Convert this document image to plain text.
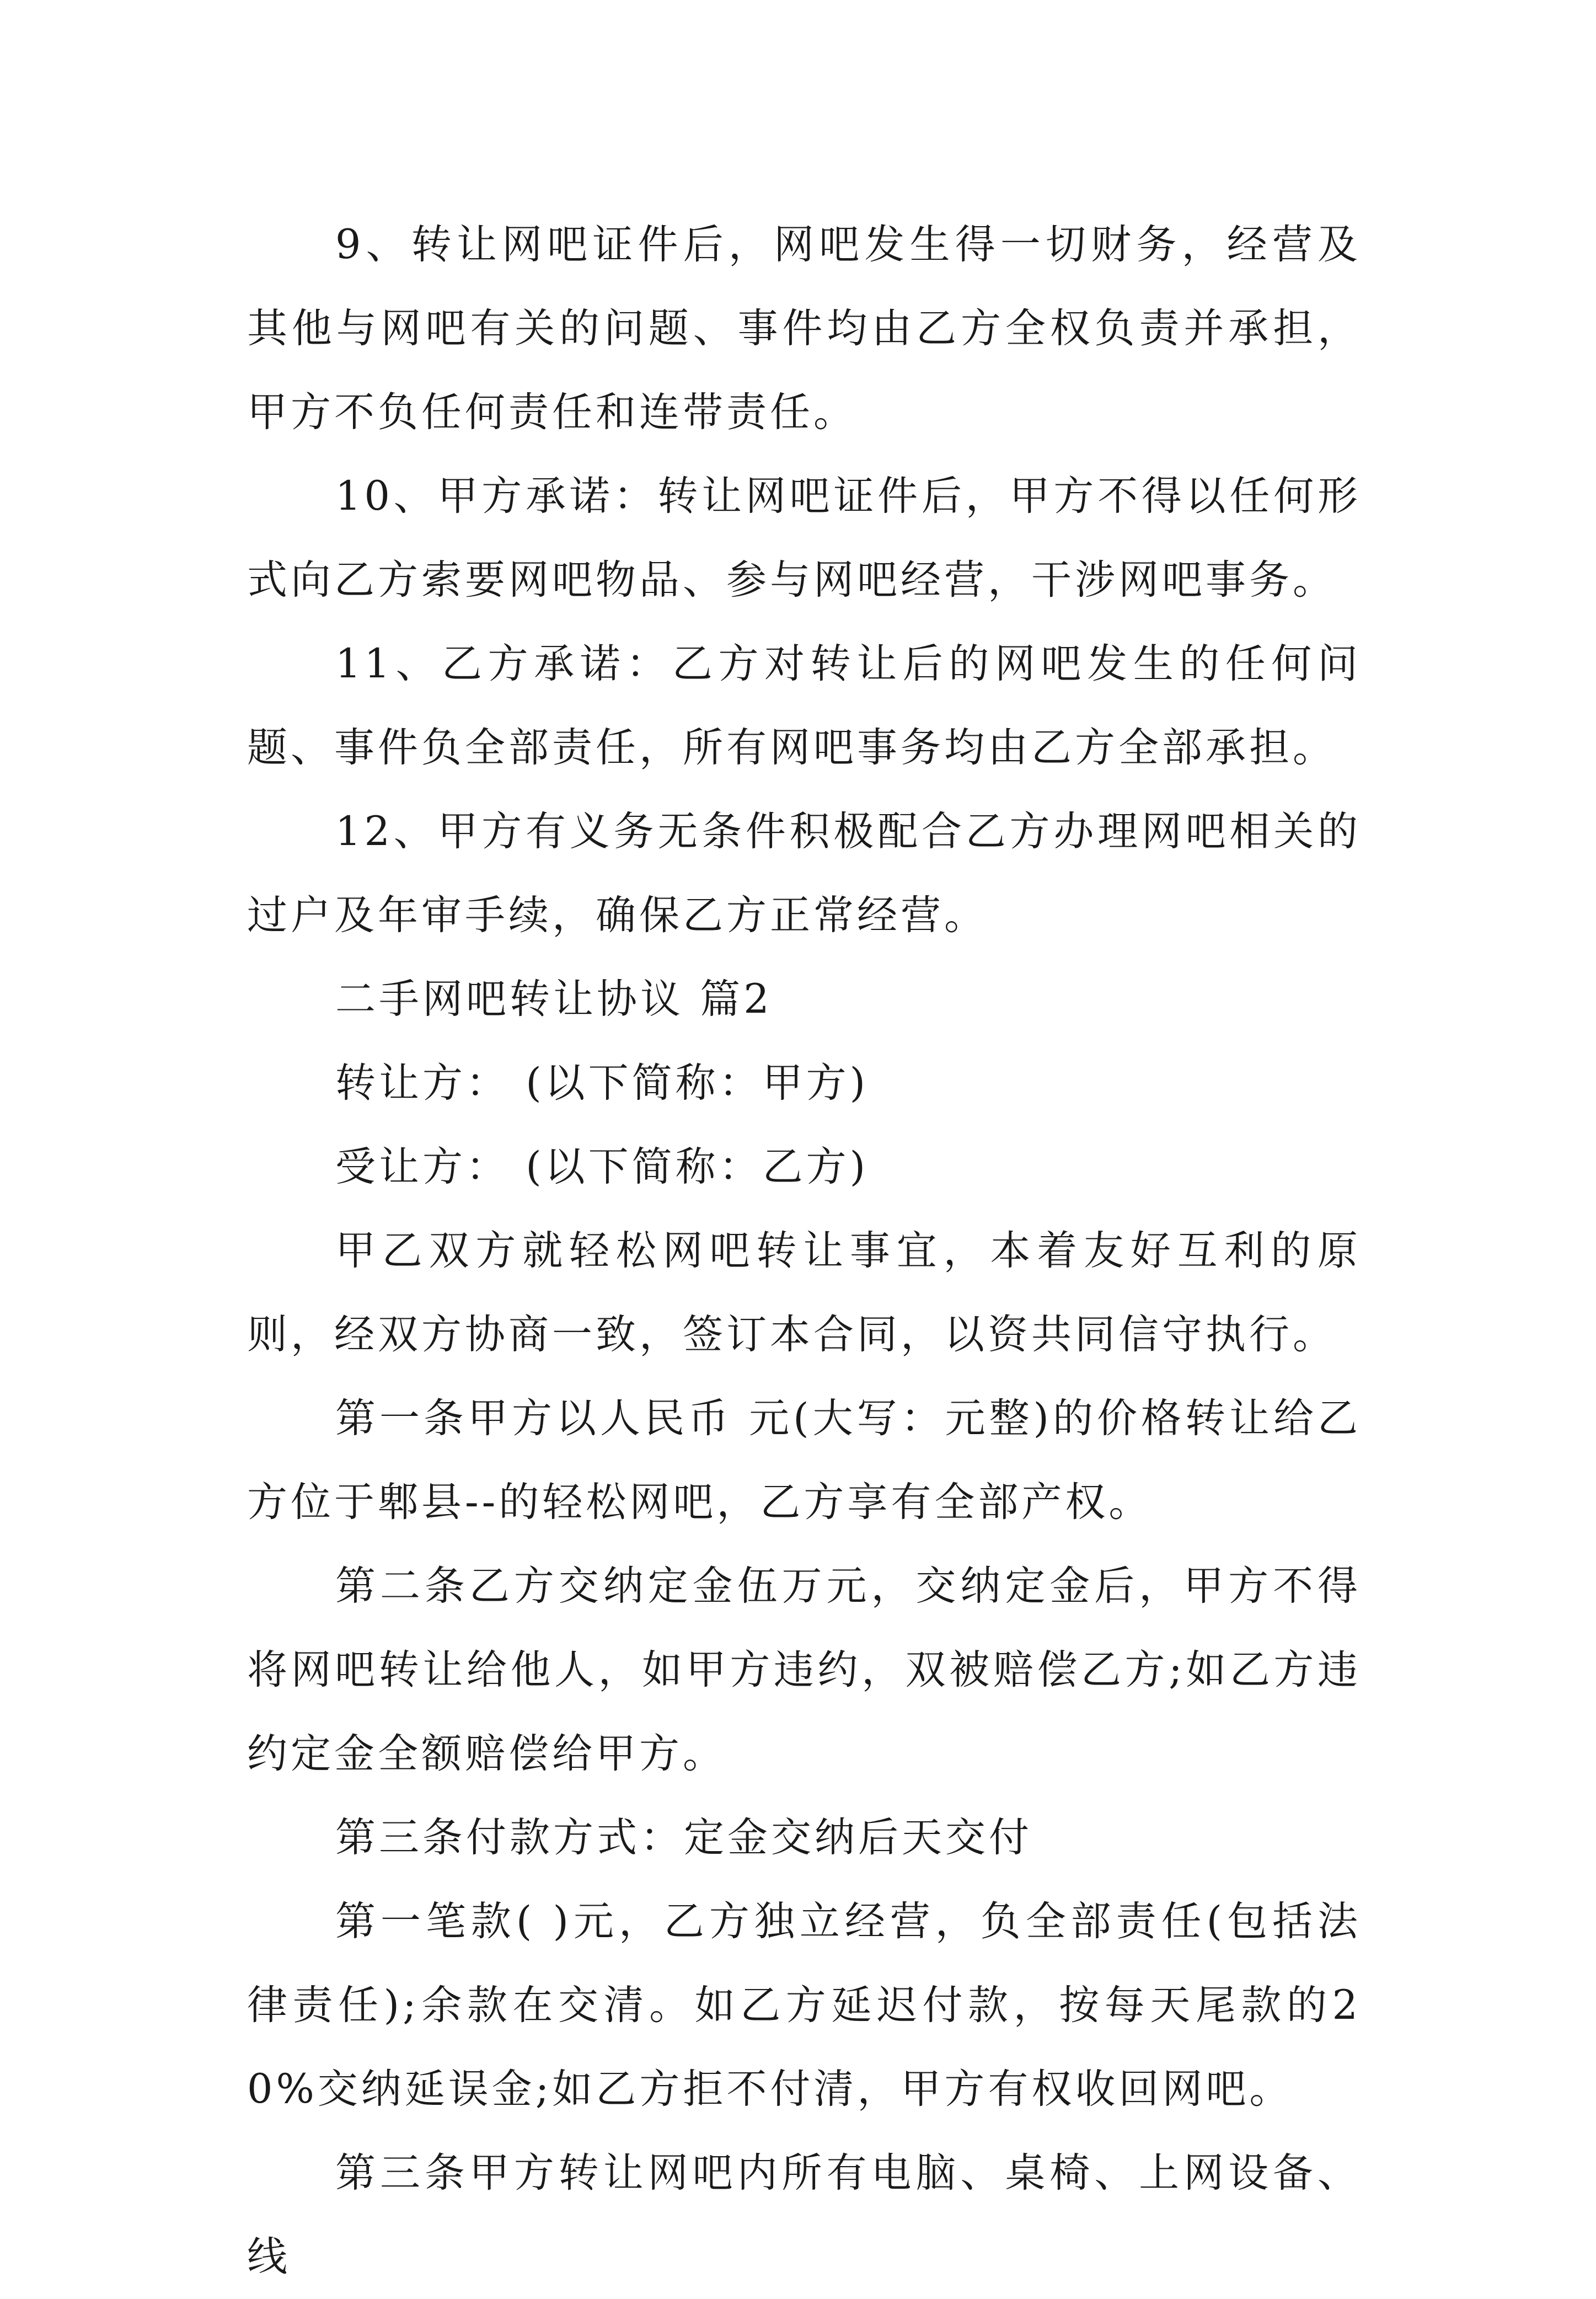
9、转让网吧证件后，网吧发生得一切财务，经营及其他与网吧有关的问题、事件均由乙方全权负责并承担，甲方不负任何责任和连带责任。

10、甲方承诺：转让网吧证件后，甲方不得以任何形式向乙方索要网吧物品、参与网吧经营，干涉网吧事务。

11、乙方承诺：乙方对转让后的网吧发生的任何问题、事件负全部责任，所有网吧事务均由乙方全部承担。

12、甲方有义务无条件积极配合乙方办理网吧相关的过户及年审手续，确保乙方正常经营。

二手网吧转让协议 篇2

转让方： (以下简称：甲方)

受让方： (以下简称：乙方)

甲乙双方就轻松网吧转让事宜，本着友好互利的原则，经双方协商一致，签订本合同，以资共同信守执行。

第一条甲方以人民币 元(大写：元整)的价格转让给乙方位于郫县--的轻松网吧，乙方享有全部产权。

第二条乙方交纳定金伍万元，交纳定金后，甲方不得将网吧转让给他人，如甲方违约，双被赔偿乙方;如乙方违约定金全额赔偿给甲方。

第三条付款方式：定金交纳后天交付

第一笔款( )元，乙方独立经营，负全部责任(包括法律责任);余款在交清。如乙方延迟付款，按每天尾款的20%交纳延误金;如乙方拒不付清，甲方有权收回网吧。

第三条甲方转让网吧内所有电脑、桌椅、上网设备、线
